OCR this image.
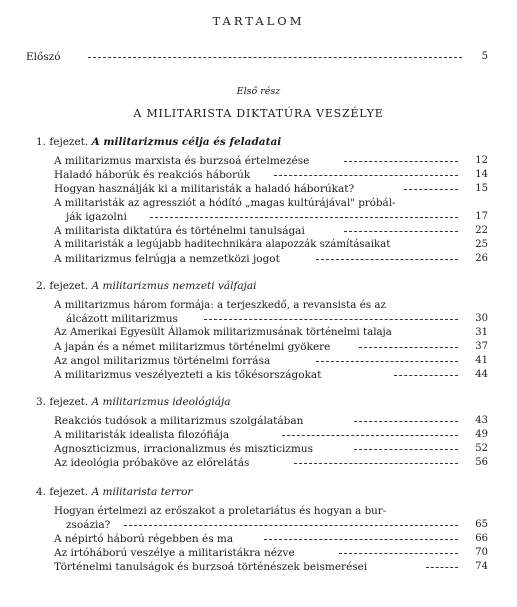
TARTALOM
Előszó	5
Első rész
A MILITARISTA DIKTATÚRA VESZÉLYE
1. fejezet. A militarizmus célja és feladatai
A militarizmus marxista és burzsoá értelmezése	12
Haladó háborúk és reakciós háborúk	14
Hogyan használják ki a militaristák a haladó háborúkat?	15
A militaristák az agressziót a hódító „magas kultúrájával" próbál-
ják igazolni	17
A militarista diktatúra és történelmi tanulságai	22
A militaristák a legújabb haditechnikára alapozzák számításaikat	25
A militarizmus felrúgja a nemzetközi jogot	26
2. fejezet. A militarizmus nemzeti válfajai
A militarizmus három formája: a terjeszkedő, a revansista és az
álcázott militarizmus	30
Az Amerikai Egyesült Államok militarizmusának történelmi talaja	31
A japán és a német militarizmus történelmi gyökere	37
Az angol militarizmus történelmi forrása	41
A militarizmus veszélyezteti a kis tőkésországokat	44
3. fejezet. A militarizmus ideológiája
Reakciós tudósok a militarizmus szolgálatában	43
A militaristák idealista filozófiája	49
Agnoszticizmus, irracionalizmus és miszticizmus	52
Az ideológia próbaköve az előrelátás	56
4. fejezet. A militarista terror
Hogyan értelmezi az erőszakot a proletariátus és hogyan a bur-
zsoázia?	65
A népirtó háború régebben és ma	66
Az irtóháború veszélye a militaristákra nézve	70
Történelmi tanulságok és burzsoá történészek beismerései	74
